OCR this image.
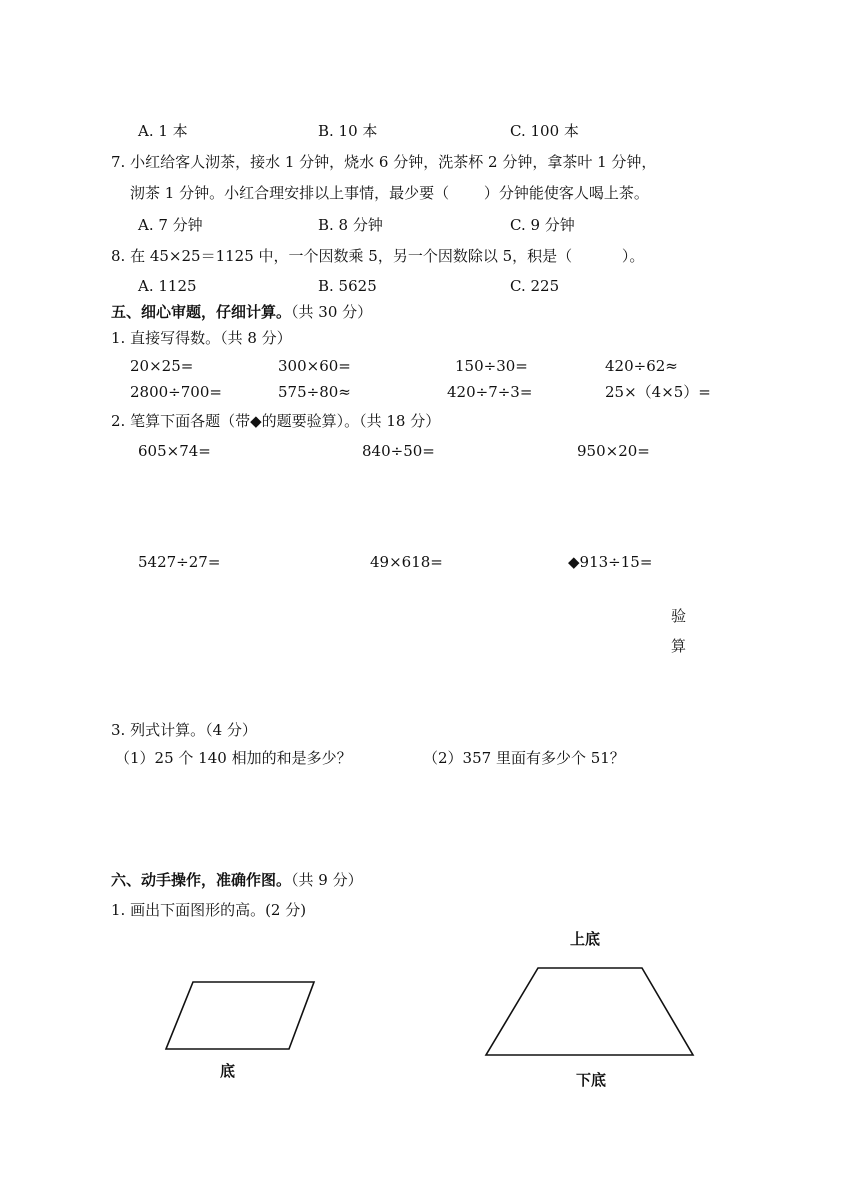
A. 1 本	B. 10 本	C. 100 本
7. 小红给客人沏茶，接水 1 分钟，烧水 6 分钟，洗茶杯 2 分钟，拿茶叶 1 分钟，
沏茶 1 分钟。小红合理安排以上事情，最少要（　　 ）分钟能使客人喝上茶。
A. 7 分钟	B. 8 分钟	C. 9 分钟
8. 在 45×25＝1125 中，一个因数乘 5，另一个因数除以 5，积是（　　　 ）。
A. 1125	B. 5625	C. 225
五、细心审题，仔细计算。（共 30 分）
1. 直接写得数。（共 8 分）
20×25=	300×60=	150÷30=	420÷62≈
2800÷700=	575÷80≈	420÷7÷3=	25×（4×5）=
2. 笔算下面各题（带◆的题要验算）。（共 18 分）
605×74=	840÷50=	950×20=
5427÷27=	49×618=	◆913÷15=
验
算
3. 列式计算。（4 分）
（1）25 个 140 相加的和是多少？	（2）357 里面有多少个 51？
六、动手操作，准确作图。（共 9 分）
1. 画出下面图形的高。(2 分)
底
上底
下底
